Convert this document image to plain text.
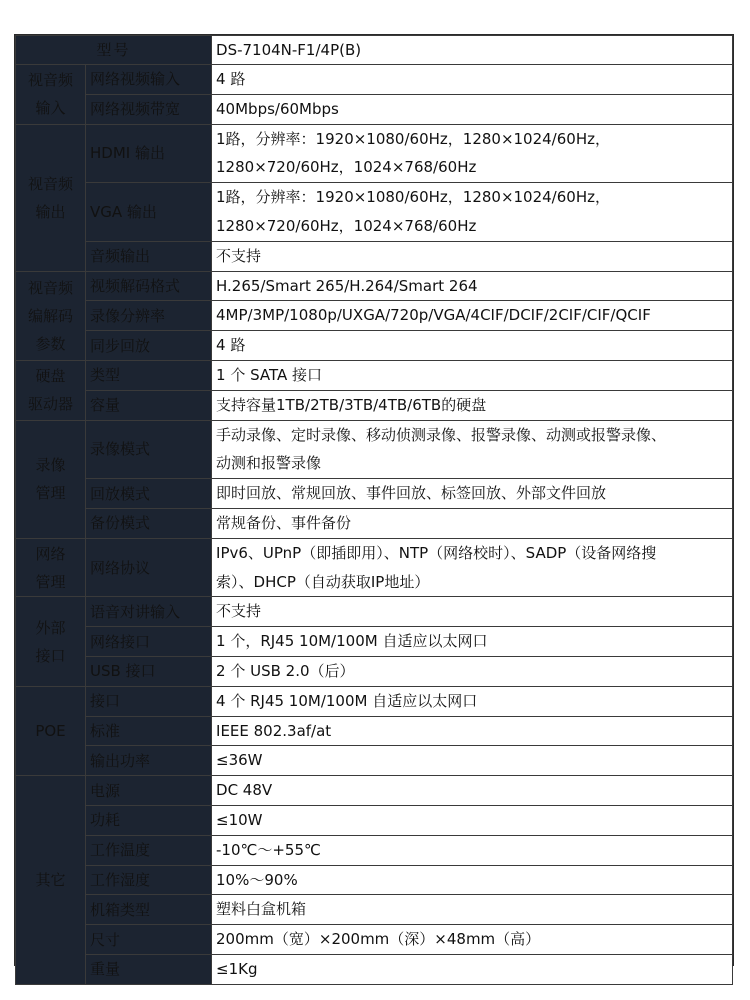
型号		DS-7104N-F1/4P(B)
视音频
输入	网络视频输入	4 路

	网络视频带宽	40Mbps/60Mbps

视音频
输出	HDMI 输出	1路，分辨率：1920×1080/60Hz，1280×1024/60Hz，
1280×720/60Hz，1024×768/60Hz

	VGA 输出	1路，分辨率：1920×1080/60Hz，1280×1024/60Hz，
1280×720/60Hz，1024×768/60Hz

	音频输出	不支持

视音频
编解码
参数	视频解码格式	H.265/Smart 265/H.264/Smart 264

	录像分辨率	4MP/3MP/1080p/UXGA/720p/VGA/4CIF/DCIF/2CIF/CIF/QCIF

	同步回放	4 路

硬盘
驱动器	类型	1 个 SATA 接口

	容量	支持容量1TB/2TB/3TB/4TB/6TB的硬盘

录像
管理	录像模式	手动录像、定时录像、移动侦测录像、报警录像、动测或报警录像、
动测和报警录像

	回放模式	即时回放、常规回放、事件回放、标签回放、外部文件回放

	备份模式	常规备份、事件备份

网络
管理	网络协议	IPv6、UPnP（即插即用）、NTP（网络校时）、SADP（设备网络搜
索）、DHCP（自动获取IP地址）

外部
接口	语音对讲输入	不支持

	网络接口	1 个，RJ45 10M/100M 自适应以太网口

	USB 接口	2 个 USB 2.0（后）

POE	接口	4 个 RJ45 10M/100M 自适应以太网口

	标准	IEEE 802.3af/at

	输出功率	≤36W

其它	电源	DC 48V

	功耗	≤10W

	工作温度	-10℃～+55℃

	工作湿度	10%～90%

	机箱类型	塑料白盒机箱

	尺寸	200mm（宽）×200mm（深）×48mm（高）

	重量	≤1Kg
